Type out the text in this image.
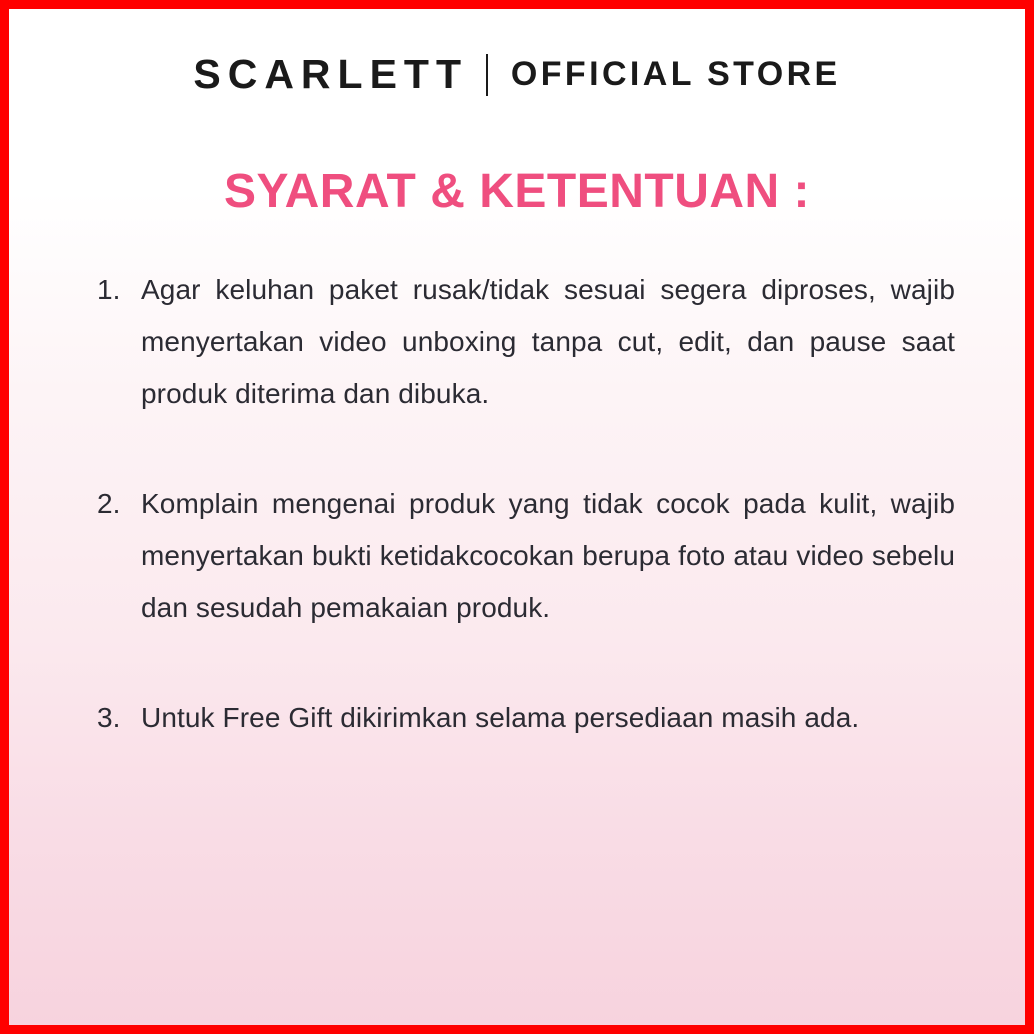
SCARLETT OFFICIAL STORE
SYARAT & KETENTUAN :
1. Agar keluhan paket rusak/tidak sesuai segera diproses, wajib menyertakan video unboxing tanpa cut, edit, dan pause saat produk diterima dan dibuka.
2. Komplain mengenai produk yang tidak cocok pada kulit, wajib menyertakan bukti ketidakcocokan berupa foto atau video sebelu dan sesudah pemakaian produk.
3. Untuk Free Gift dikirimkan selama persediaan masih ada.
